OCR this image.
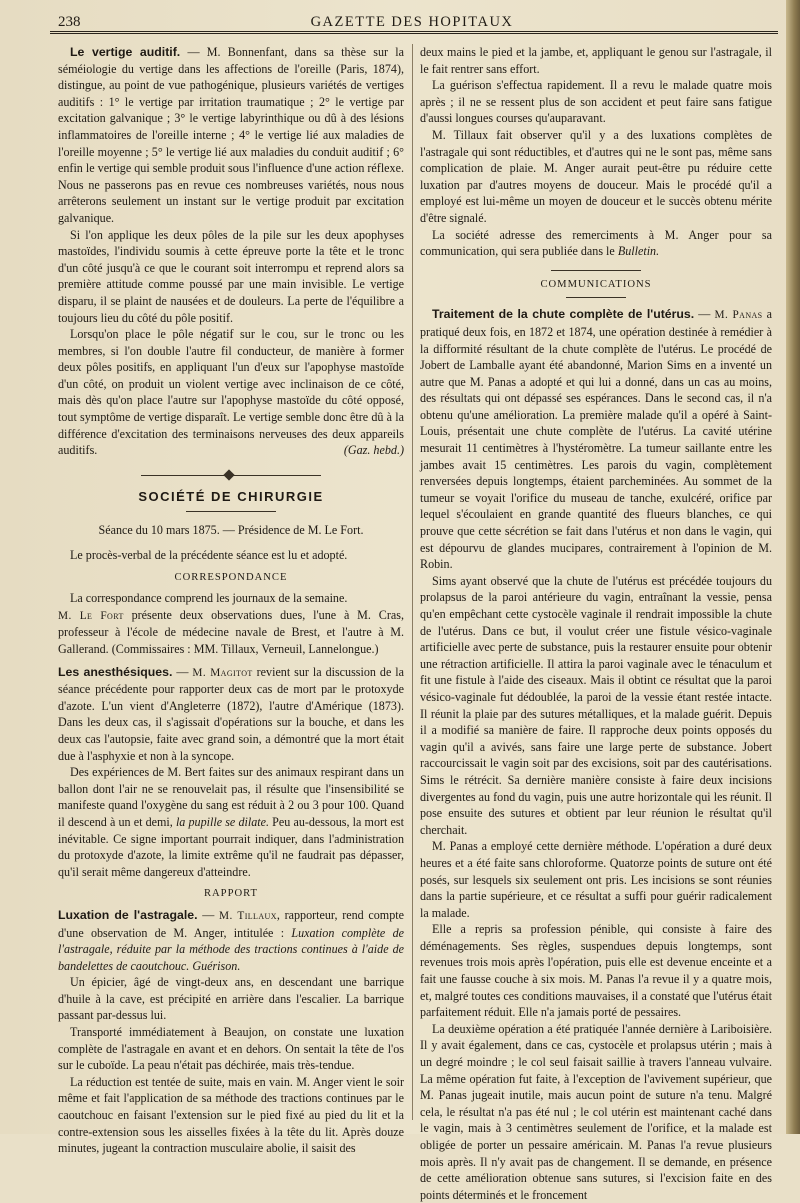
238	GAZETTE DES HOPITAUX

Le vertige auditif. — M. Bonnenfant, dans sa thèse sur la séméiologie du vertige dans les affections de l'oreille (Paris, 1874), distingue, au point de vue pathogénique, plusieurs variétés de vertiges auditifs : 1° le vertige par irritation traumatique ; 2° le vertige par excitation galvanique ; 3° le vertige labyrinthique ou dû à des lésions inflammatoires de l'oreille interne ; 4° le vertige lié aux maladies de l'oreille moyenne ; 5° le vertige lié aux maladies du conduit auditif ; 6° enfin le vertige qui semble produit sous l'influence d'une action réflexe. Nous ne passerons pas en revue ces nombreuses variétés, nous nous arrêterons seulement un instant sur le vertige produit par excitation galvanique.

Si l'on applique les deux pôles de la pile sur les deux apophyses mastoïdes, l'individu soumis à cette épreuve porte la tête et le tronc d'un côté jusqu'à ce que le courant soit interrompu et reprend alors sa première attitude comme poussé par une main invisible. Le vertige disparu, il se plaint de nausées et de douleurs. La perte de l'équilibre a toujours lieu du côté du pôle positif.

Lorsqu'on place le pôle négatif sur le cou, sur le tronc ou les membres, si l'on double l'autre fil conducteur, de manière à former deux pôles positifs, en appliquant l'un d'eux sur l'apophyse mastoïde d'un côté, on produit un violent vertige avec inclinaison de ce côté, mais dès qu'on place l'autre sur l'apophyse mastoïde du côté opposé, tout symptôme de vertige disparaît. Le vertige semble donc être dû à la différence d'excitation des terminaisons nerveuses des deux appareils auditifs.	(Gaz. hebd.)

SOCIÉTÉ DE CHIRURGIE

Séance du 10 mars 1875. — Présidence de M. Le Fort.

Le procès-verbal de la précédente séance est lu et adopté.

CORRESPONDANCE

La correspondance comprend les journaux de la semaine.

M. Le Fort présente deux observations dues, l'une à M. Cras, professeur à l'école de médecine navale de Brest, et l'autre à M. Gallerand. (Commissaires : MM. Tillaux, Verneuil, Lannelongue.)

Les anesthésiques. — M. Magitot revient sur la discussion de la séance précédente pour rapporter deux cas de mort par le protoxyde d'azote. L'un vient d'Angleterre (1872), l'autre d'Amérique (1873). Dans les deux cas, il s'agissait d'opérations sur la bouche, et dans les deux cas l'autopsie, faite avec grand soin, a démontré que la mort était due à l'asphyxie et non à la syncope.

Des expériences de M. Bert faites sur des animaux respirant dans un ballon dont l'air ne se renouvelait pas, il résulte que l'insensibilité se manifeste quand l'oxygène du sang est réduit à 2 ou 3 pour 100. Quand il descend à un et demi, la pupille se dilate. Peu au-dessous, la mort est inévitable. Ce signe important pourrait indiquer, dans l'administration du protoxyde d'azote, la limite extrême qu'il ne faudrait pas dépasser, qu'il serait même dangereux d'atteindre.

RAPPORT

Luxation de l'astragale. — M. Tillaux, rapporteur, rend compte d'une observation de M. Anger, intitulée : Luxation complète de l'astragale, réduite par la méthode des tractions continues à l'aide de bandelettes de caoutchouc. Guérison.

Un épicier, âgé de vingt-deux ans, en descendant une barrique d'huile à la cave, est précipité en arrière dans l'escalier. La barrique passant par-dessus lui.

Transporté immédiatement à Beaujon, on constate une luxation complète de l'astragale en avant et en dehors. On sentait la tête de l'os sur le cuboïde. La peau n'était pas déchirée, mais très-tendue.

La réduction est tentée de suite, mais en vain. M. Anger vient le soir même et fait l'application de sa méthode des tractions continues par le caoutchouc en faisant l'extension sur le pied fixé au pied du lit et la contre-extension sous les aisselles fixées à la tête du lit. Après douze minutes, jugeant la contraction musculaire abolie, il saisit des

deux mains le pied et la jambe, et, appliquant le genou sur l'astragale, il le fait rentrer sans effort.

La guérison s'effectua rapidement. Il a revu le malade quatre mois après ; il ne se ressent plus de son accident et peut faire sans fatigue d'aussi longues courses qu'auparavant.

M. Tillaux fait observer qu'il y a des luxations complètes de l'astragale qui sont réductibles, et d'autres qui ne le sont pas, même sans complication de plaie. M. Anger aurait peut-être pu réduire cette luxation par d'autres moyens de douceur. Mais le procédé qu'il a employé est lui-même un moyen de douceur et le succès obtenu mérite d'être signalé.

La société adresse des remerciments à M. Anger pour sa communication, qui sera publiée dans le Bulletin.

COMMUNICATIONS

Traitement de la chute complète de l'utérus. — M. Panas a pratiqué deux fois, en 1872 et 1874, une opération destinée à remédier à la difformité résultant de la chute complète de l'utérus. Le procédé de Jobert de Lamballe ayant été abandonné, Marion Sims en a inventé un autre que M. Panas a adopté et qui lui a donné, dans un cas au moins, des résultats qui ont dépassé ses espérances. Dans le second cas, il n'a obtenu qu'une amélioration. La première malade qu'il a opéré à Saint-Louis, présentait une chute complète de l'utérus. La cavité utérine mesurait 11 centimètres à l'hystéromètre. La tumeur saillante entre les jambes avait 15 centimètres. Les parois du vagin, complètement renversées depuis longtemps, étaient parcheminées. Au sommet de la tumeur se voyait l'orifice du museau de tanche, exulcéré, orifice par lequel s'écoulaient en grande quantité des flueurs blanches, ce qui prouve que cette sécrétion se fait dans l'utérus et non dans le vagin, qui est dépourvu de glandes mucipares, contrairement à l'opinion de M. Robin.

Sims ayant observé que la chute de l'utérus est précédée toujours du prolapsus de la paroi antérieure du vagin, entraînant la vessie, pensa qu'en empêchant cette cystocèle vaginale il rendrait impossible la chute de l'utérus. Dans ce but, il voulut créer une fistule vésico-vaginale artificielle avec perte de substance, puis la restaurer ensuite pour obtenir une rétraction artificielle. Il attira la paroi vaginale avec le ténaculum et fit une fistule à l'aide des ciseaux. Mais il obtint ce résultat que la paroi vésico-vaginale fut dédoublée, la paroi de la vessie étant restée intacte. Il réunit la plaie par des sutures métalliques, et la malade guérit. Depuis il a modifié sa manière de faire. Il rapproche deux points opposés du vagin qu'il a avivés, sans faire une large perte de substance. Jobert raccourcissait le vagin soit par des excisions, soit par des cautérisations. Sims le rétrécit. Sa dernière manière consiste à faire deux incisions divergentes au fond du vagin, puis une autre horizontale qui les réunit. Il pose ensuite des sutures et obtient par leur réunion le résultat qu'il cherchait.

M. Panas a employé cette dernière méthode. L'opération a duré deux heures et a été faite sans chloroforme. Quatorze points de suture ont été posés, sur lesquels six seulement ont pris. Les incisions se sont réunies dans la partie supérieure, et ce résultat a suffi pour guérir radicalement la malade.

Elle a repris sa profession pénible, qui consiste à faire des déménagements. Ses règles, suspendues depuis longtemps, sont revenues trois mois après l'opération, puis elle est devenue enceinte et a fait une fausse couche à six mois. M. Panas l'a revue il y a quatre mois, et, malgré toutes ces conditions mauvaises, il a constaté que l'utérus était parfaitement réduit. Elle n'a jamais porté de pessaires.

La deuxième opération a été pratiquée l'année dernière à Lariboisière. Il y avait également, dans ce cas, cystocèle et prolapsus utérin ; mais à un degré moindre ; le col seul faisait saillie à travers l'anneau vulvaire. La même opération fut faite, à l'exception de l'avivement supérieur, que M. Panas jugeait inutile, mais aucun point de suture n'a tenu. Malgré cela, le résultat n'a pas été nul ; le col utérin est maintenant caché dans le vagin, mais à 3 centimètres seulement de l'orifice, et la malade est obligée de porter un pessaire américain. M. Panas l'a revue plusieurs mois après. Il n'y avait pas de changement. Il se demande, en présence de cette amélioration obtenue sans sutures, si l'excision faite en des points déterminés et le froncement
